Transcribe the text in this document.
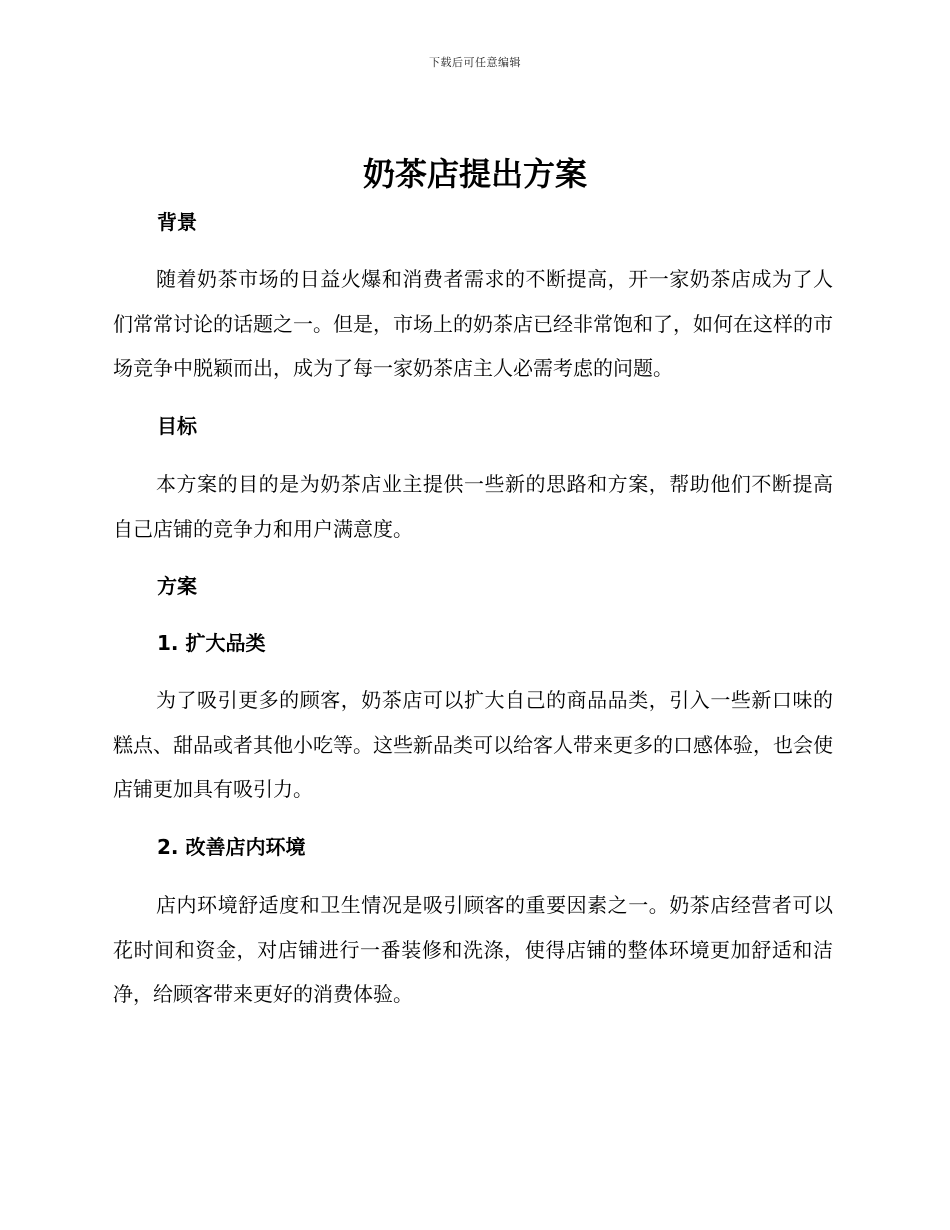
下载后可任意编辑
奶茶店提出方案
背景

随着奶茶市场的日益火爆和消费者需求的不断提高，开一家奶茶店成为了人们常常讨论的话题之一。但是，市场上的奶茶店已经非常饱和了，如何在这样的市场竞争中脱颖而出，成为了每一家奶茶店主人必需考虑的问题。

目标

本方案的目的是为奶茶店业主提供一些新的思路和方案，帮助他们不断提高自己店铺的竞争力和用户满意度。

方案
1. 扩大品类

为了吸引更多的顾客，奶茶店可以扩大自己的商品品类，引入一些新口味的糕点、甜品或者其他小吃等。这些新品类可以给客人带来更多的口感体验，也会使店铺更加具有吸引力。

2. 改善店内环境

店内环境舒适度和卫生情况是吸引顾客的重要因素之一。奶茶店经营者可以花时间和资金，对店铺进行一番装修和洗涤，使得店铺的整体环境更加舒适和洁净，给顾客带来更好的消费体验。
